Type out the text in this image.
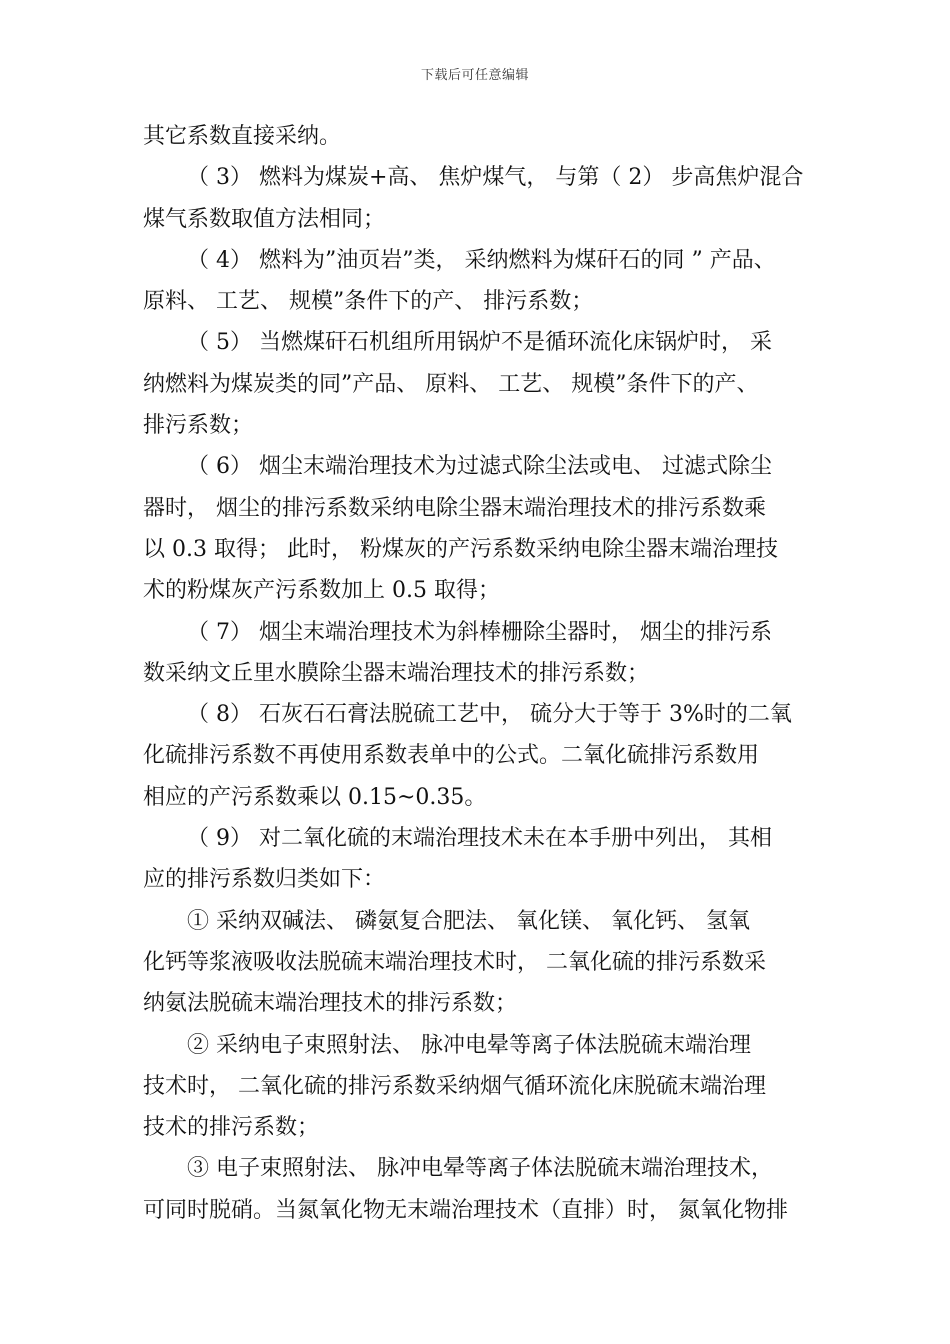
下载后可任意编辑
其它系数直接采纳。
（ 3） 燃料为煤炭+高、 焦炉煤气， 与第（ 2） 步高焦炉混合
煤气系数取值方法相同；
（ 4） 燃料为”油页岩”类， 采纳燃料为煤矸石的同 ” 产品、
原料、 工艺、 规模”条件下的产、 排污系数；
（ 5） 当燃煤矸石机组所用锅炉不是循环流化床锅炉时， 采
纳燃料为煤炭类的同”产品、 原料、 工艺、 规模”条件下的产、
排污系数；
（ 6） 烟尘末端治理技术为过滤式除尘法或电、 过滤式除尘
器时， 烟尘的排污系数采纳电除尘器末端治理技术的排污系数乘
以 0.3 取得； 此时， 粉煤灰的产污系数采纳电除尘器末端治理技
术的粉煤灰产污系数加上 0.5 取得；
（ 7） 烟尘末端治理技术为斜棒栅除尘器时， 烟尘的排污系
数采纳文丘里水膜除尘器末端治理技术的排污系数；
（ 8） 石灰石石膏法脱硫工艺中， 硫分大于等于 3%时的二氧
化硫排污系数不再使用系数表单中的公式。二氧化硫排污系数用
相应的产污系数乘以 0.15~0.35。
（ 9） 对二氧化硫的末端治理技术未在本手册中列出， 其相
应的排污系数归类如下：
① 采纳双碱法、 磷氨复合肥法、 氧化镁、 氧化钙、 氢氧
化钙等浆液吸收法脱硫末端治理技术时， 二氧化硫的排污系数采
纳氨法脱硫末端治理技术的排污系数；
② 采纳电子束照射法、 脉冲电晕等离子体法脱硫末端治理
技术时， 二氧化硫的排污系数采纳烟气循环流化床脱硫末端治理
技术的排污系数；
③ 电子束照射法、 脉冲电晕等离子体法脱硫末端治理技术，
可同时脱硝。当氮氧化物无末端治理技术（直排）时， 氮氧化物排
